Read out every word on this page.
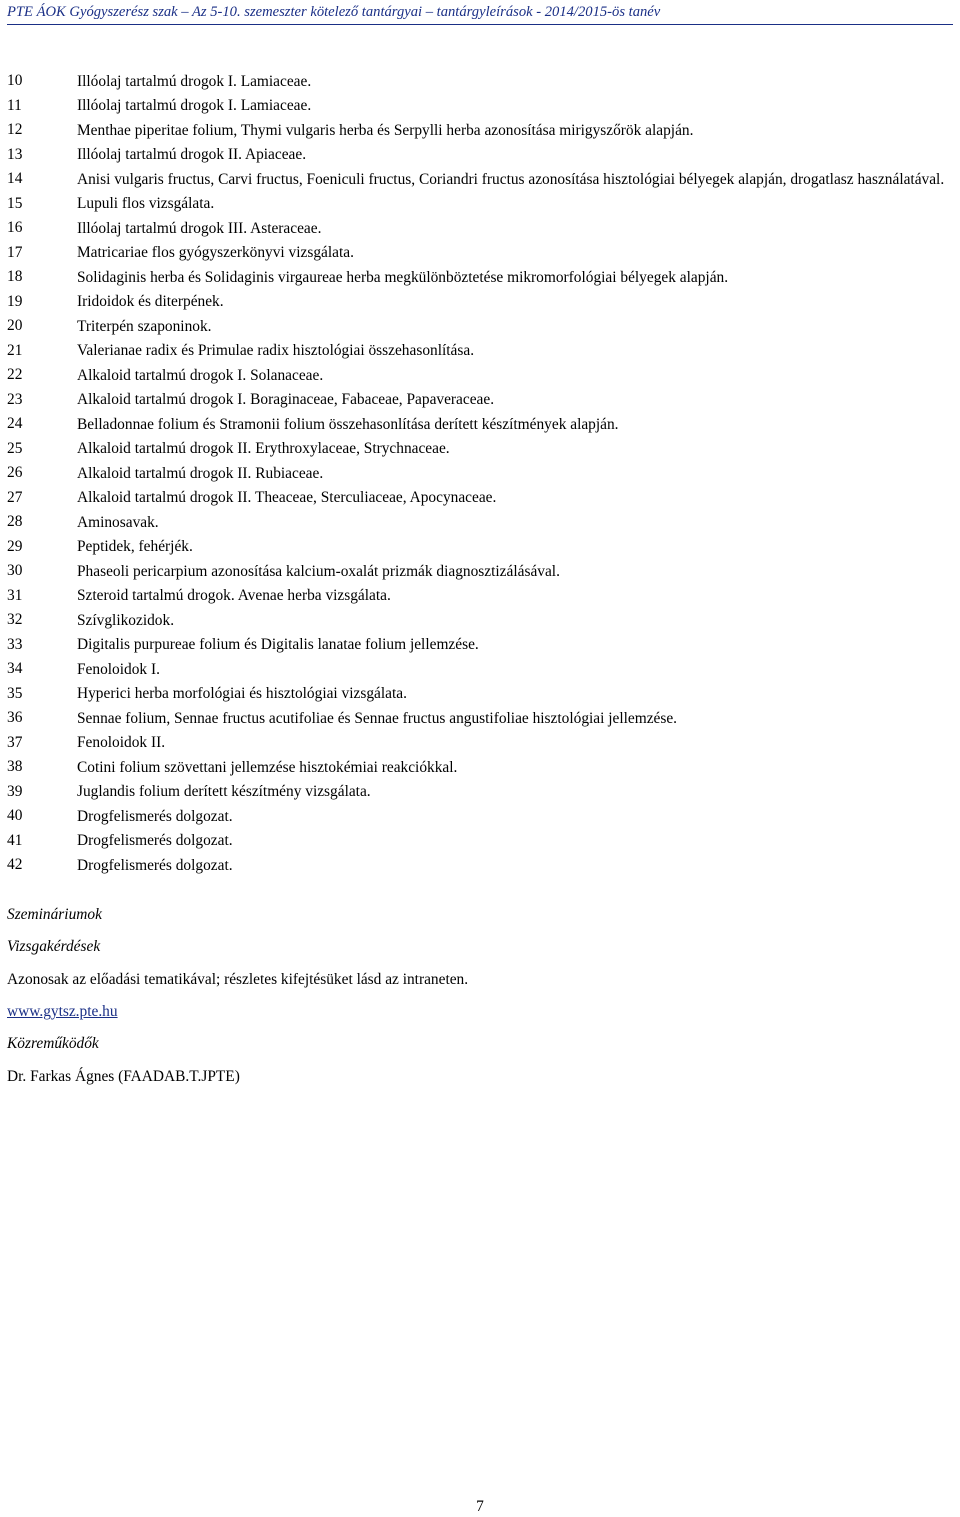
PTE ÁOK Gyógyszerész szak – Az 5-10. szemeszter kötelező tantárgyai – tantárgyleírások - 2014/2015-ös tanév
10	Illóolaj tartalmú drogok I. Lamiaceae.
11	Illóolaj tartalmú drogok I. Lamiaceae.
12	Menthae piperitae folium, Thymi vulgaris herba és Serpylli herba azonosítása mirigyszőrök alapján.
13	Illóolaj tartalmú drogok II. Apiaceae.
14	Anisi vulgaris fructus, Carvi fructus, Foeniculi fructus, Coriandri fructus azonosítása hisztológiai bélyegek alapján, drogatlasz használatával.
15	Lupuli flos vizsgálata.
16	Illóolaj tartalmú drogok III. Asteraceae.
17	Matricariae flos gyógyszerkönyvi vizsgálata.
18	Solidaginis herba és Solidaginis virgaureae herba megkülönböztetése mikromorfológiai bélyegek alapján.
19	Iridoidok és diterpének.
20	Triterpén szaponinok.
21	Valerianae radix és Primulae radix hisztológiai összehasonlítása.
22	Alkaloid tartalmú drogok I. Solanaceae.
23	Alkaloid tartalmú drogok I. Boraginaceae, Fabaceae, Papaveraceae.
24	Belladonnae folium és Stramonii folium összehasonlítása derített készítmények alapján.
25	Alkaloid tartalmú drogok II. Erythroxylaceae, Strychnaceae.
26	Alkaloid tartalmú drogok II. Rubiaceae.
27	Alkaloid tartalmú drogok II. Theaceae, Sterculiaceae, Apocynaceae.
28	Aminosavak.
29	Peptidek, fehérjék.
30	Phaseoli pericarpium azonosítása kalcium-oxalát prizmák diagnosztizálásával.
31	Szteroid tartalmú drogok. Avenae herba vizsgálata.
32	Szívglikozidok.
33	Digitalis purpureae folium és Digitalis lanatae folium jellemzése.
34	Fenoloidok I.
35	Hyperici herba morfológiai és hisztológiai vizsgálata.
36	Sennae folium, Sennae fructus acutifoliae és Sennae fructus angustifoliae hisztológiai jellemzése.
37	Fenoloidok II.
38	Cotini folium szövettani jellemzése hisztokémiai reakciókkal.
39	Juglandis folium derített készítmény vizsgálata.
40	Drogfelismerés dolgozat.
41	Drogfelismerés dolgozat.
42	Drogfelismerés dolgozat.
Szemináriumok
Vizsgakérdések
Azonosak az előadási tematikával; részletes kifejtésüket lásd az intraneten.
www.gytsz.pte.hu
Közreműködők
Dr. Farkas Ágnes (FAADAB.T.JPTE)
7
